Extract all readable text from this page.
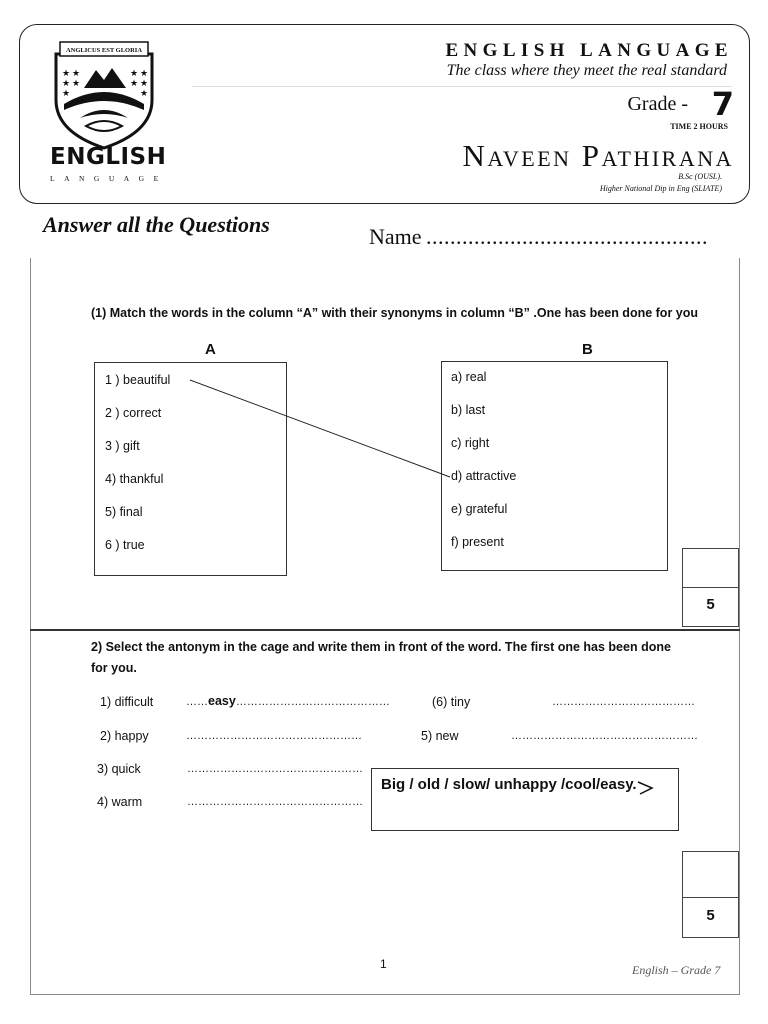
ANGLICUS EST GLORIA
★ ★
★ ★
★
★ ★
★ ★
★
ENGLISH
LANGUAGE
ENGLISH LANGUAGE
The class where they meet the real standard
Grade - 7
TIME 2 HOURS
Naveen Pathirana
B.Sc (OUSL).
Higher National Dip in Eng (SLIATE)
Answer all the Questions	Name ...............................................
(1) Match the words in the column “A” with their synonyms in column “B” .One has been done for you
A	B
1 ) beautiful
2 ) correct
3 ) gift
4) thankful
5) final
6 ) true
a) real
b) last
c) right
d) attractive
e) grateful
f) present
5
2) Select the antonym in the cage and write them in front of the word. The first one has been done
for you.
1) difficult	……easy……………………………………
2) happy	…………………………………………
3) quick	…………………………………………
4) warm	…………………………………………
(6) tiny	…………………………………
5) new	……………………………………………
Big / old / slow/ unhappy /cool/easy.
5
1	English – Grade 7
